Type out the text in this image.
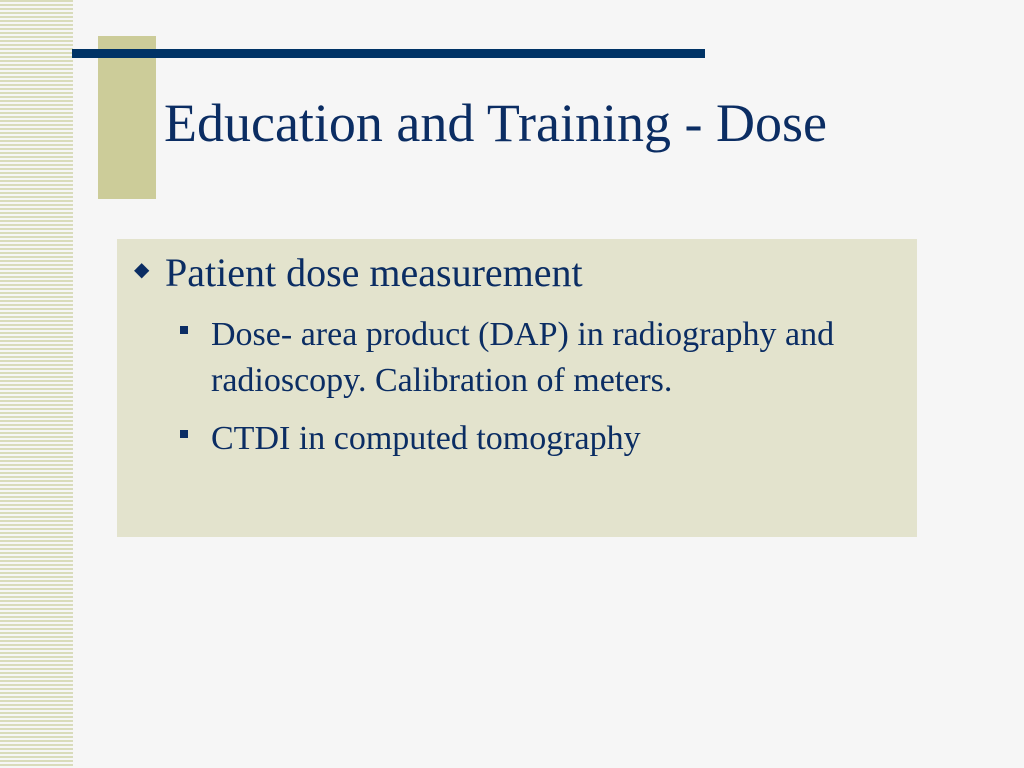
Education and Training - Dose
◆ Patient dose measurement
Dose- area product (DAP) in radiography and radioscopy. Calibration of meters.
CTDI in computed tomography
